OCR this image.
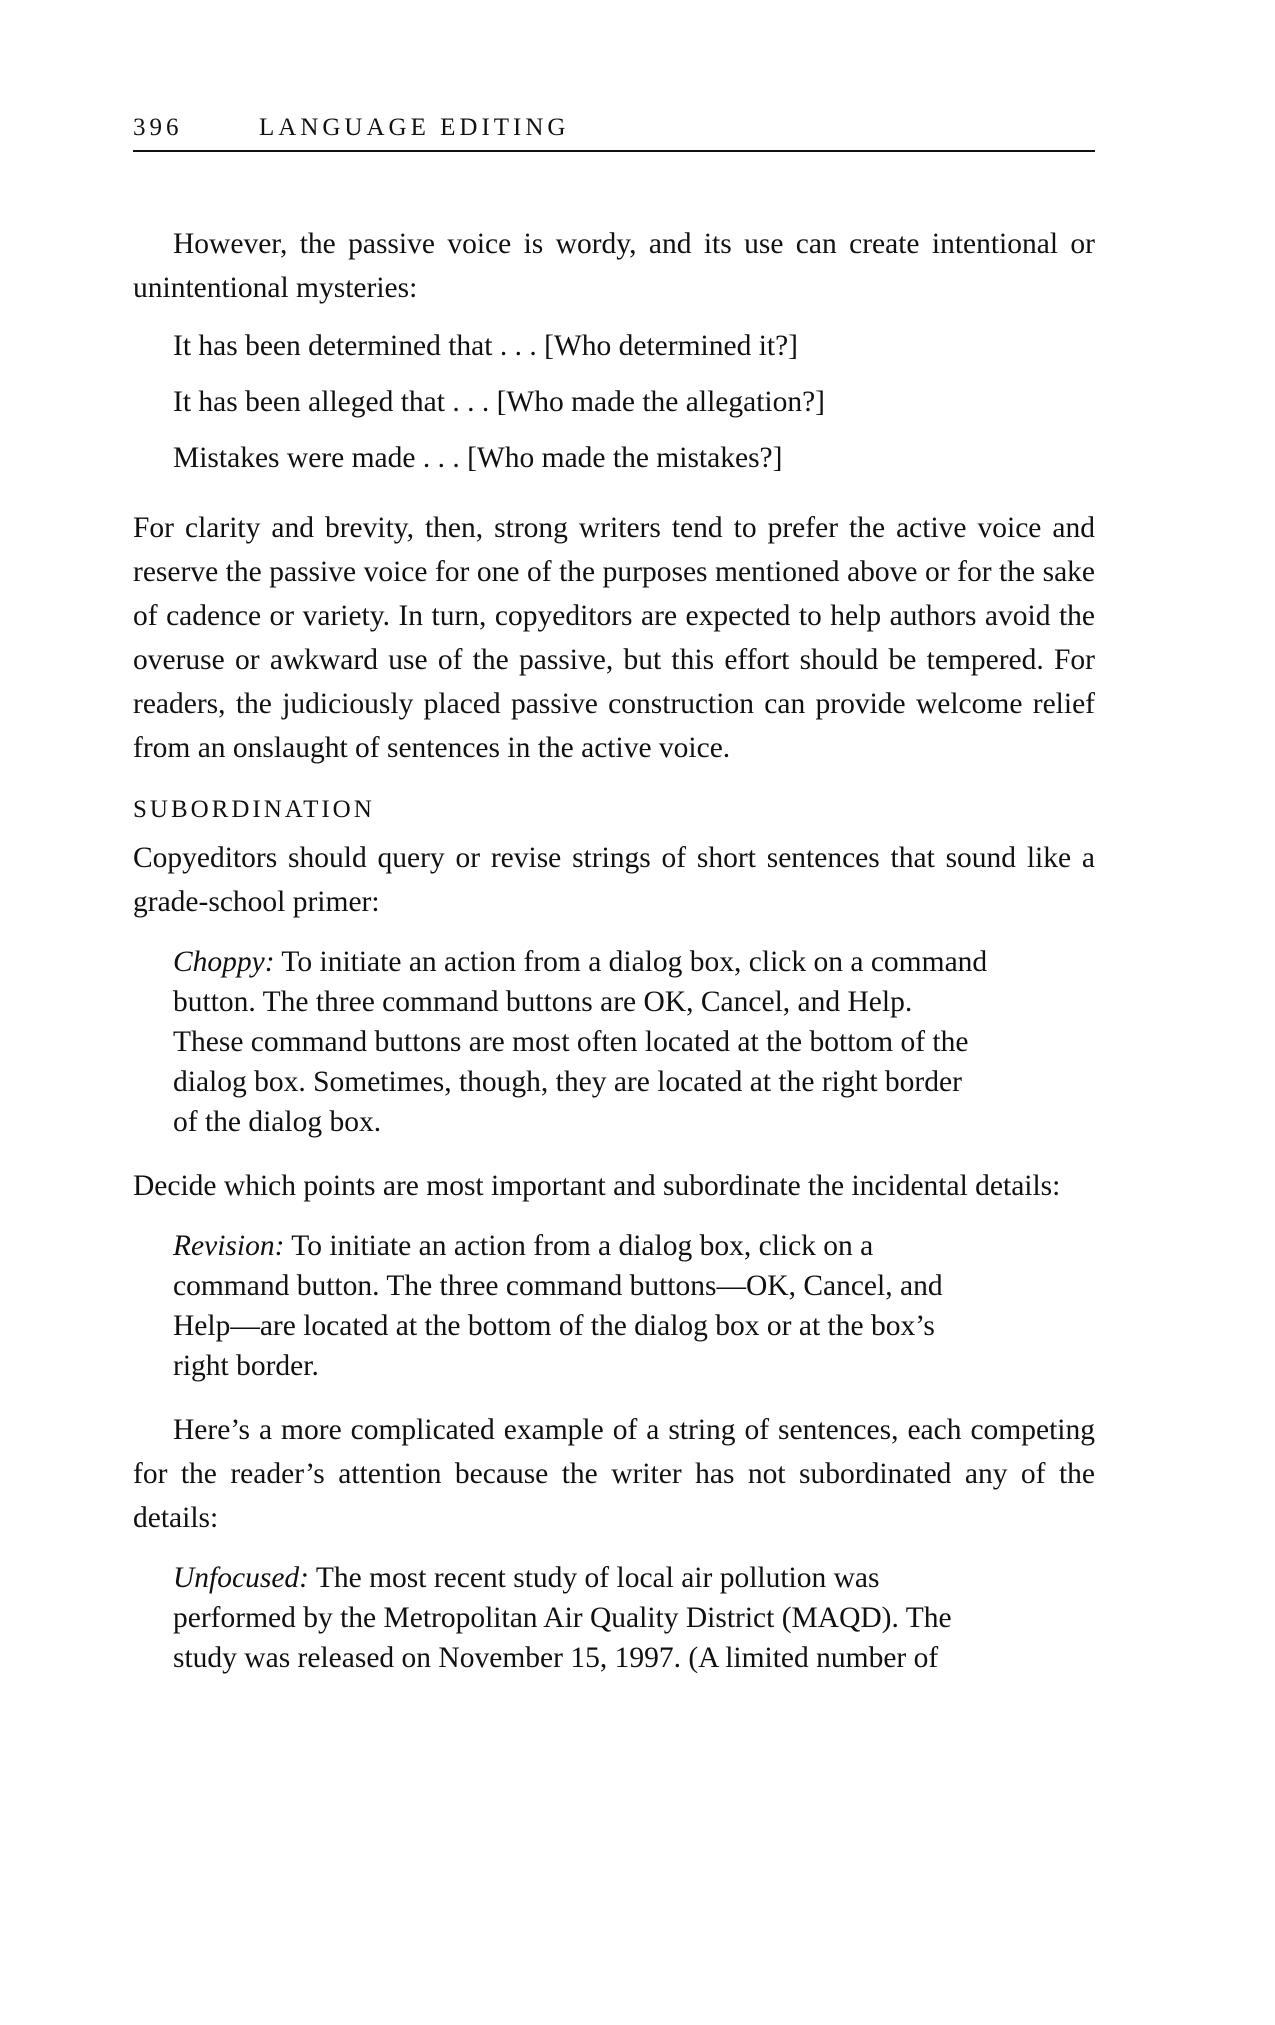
396	LANGUAGE EDITING

However, the passive voice is wordy, and its use can create intentional or unintentional mysteries:

It has been determined that . . . [Who determined it?]

It has been alleged that . . . [Who made the allegation?]

Mistakes were made . . . [Who made the mistakes?]

For clarity and brevity, then, strong writers tend to prefer the active voice and reserve the passive voice for one of the purposes mentioned above or for the sake of cadence or variety. In turn, copyeditors are expected to help authors avoid the overuse or awkward use of the passive, but this effort should be tempered. For readers, the judiciously placed passive construction can provide welcome relief from an onslaught of sentences in the active voice.

SUBORDINATION

Copyeditors should query or revise strings of short sentences that sound like a grade-school primer:

Choppy: To initiate an action from a dialog box, click on a command
button. The three command buttons are OK, Cancel, and Help.
These command buttons are most often located at the bottom of the
dialog box. Sometimes, though, they are located at the right border
of the dialog box.

Decide which points are most important and subordinate the incidental details:

Revision: To initiate an action from a dialog box, click on a
command button. The three command buttons—OK, Cancel, and
Help—are located at the bottom of the dialog box or at the box’s
right border.

Here’s a more complicated example of a string of sentences, each competing for the reader’s attention because the writer has not subordinated any of the details:

Unfocused: The most recent study of local air pollution was
performed by the Metropolitan Air Quality District (MAQD). The
study was released on November 15, 1997. (A limited number of
